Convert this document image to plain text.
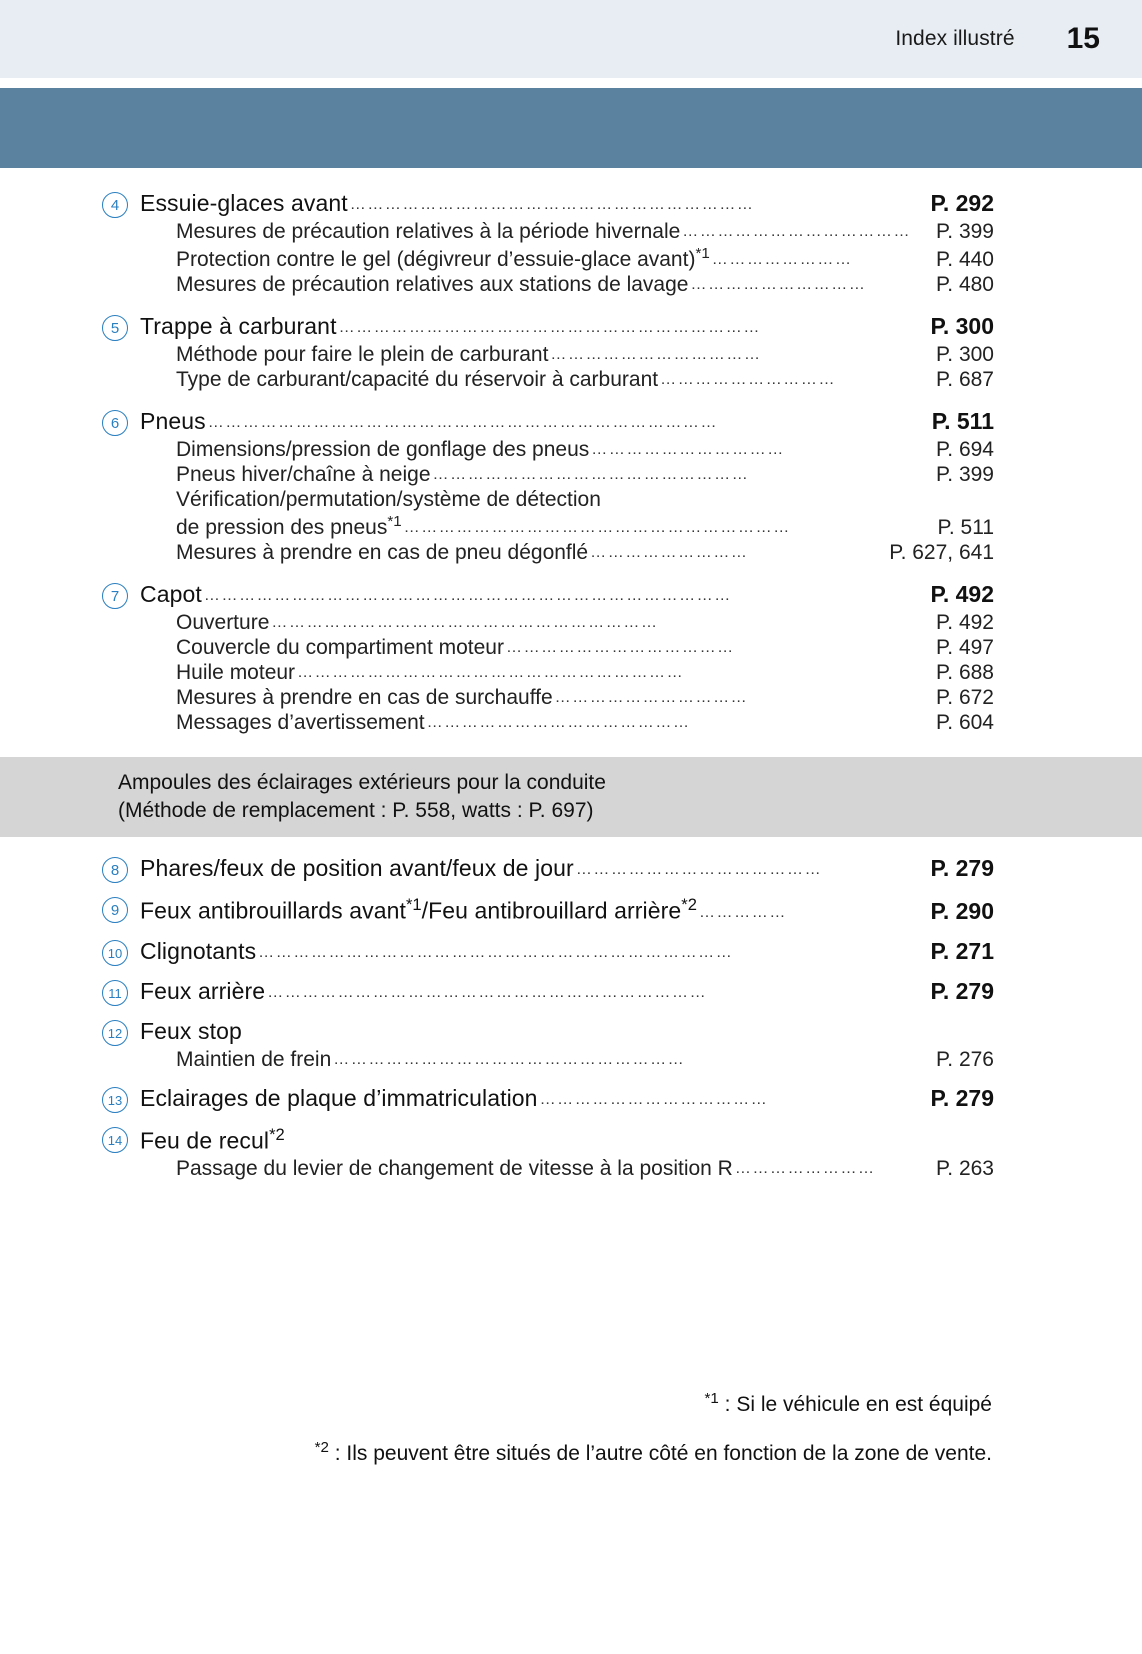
Index illustré 15
4 Essuie-glaces avant ……………………………………………………………	P. 292
Mesures de précaution relatives à la période hivernale …………………………………	P. 399
Protection contre le gel (dégivreur d’essuie-glace avant)$^{*1}$ ……………………	P. 440
Mesures de précaution relatives aux stations de lavage …………………………	P. 480
5 Trappe à carburant ………………………………………………………………	P. 300
Méthode pour faire le plein de carburant ………………………………	P. 300
Type de carburant/capacité du réservoir à carburant …………………………	P. 687
6 Pneus ……………………………………………………………………………	P. 511
Dimensions/pression de gonflage des pneus ……………………………	P. 694
Pneus hiver/chaîne à neige ………………………………………………	P. 399
Vérification/permutation/système de détection
de pression des pneus$^{*1}$ …………………………………………………………	P. 511
Mesures à prendre en cas de pneu dégonflé ………………………	P. 627, 641
7 Capot ………………………………………………………………………………	P. 492
Ouverture …………………………………………………………	P. 492
Couvercle du compartiment moteur …………………………………	P. 497
Huile moteur …………………………………………………………	P. 688
Mesures à prendre en cas de surchauffe ……………………………	P. 672
Messages d’avertissement ………………………………………	P. 604
Ampoules des éclairages extérieurs pour la conduite
(Méthode de remplacement : P. 558, watts : P. 697)
8 Phares/feux de position avant/feux de jour ……………………………………	P. 279
9 Feux antibrouillards avant$^{*1}$/Feu antibrouillard arrière$^{*2}$ ……………	P. 290
10 Clignotants ………………………………………………………………………	P. 271
11 Feux arrière …………………………………………………………………	P. 279
12 Feux stop
Maintien de frein ……………………………………………………	P. 276
13 Eclairages de plaque d’immatriculation …………………………………	P. 279
14 Feu de recul$^{*2}$
Passage du levier de changement de vitesse à la position R ……………………	P. 263
$^{*1}$ : Si le véhicule en est équipé
$^{*2}$ : Ils peuvent être situés de l’autre côté en fonction de la zone de vente.
